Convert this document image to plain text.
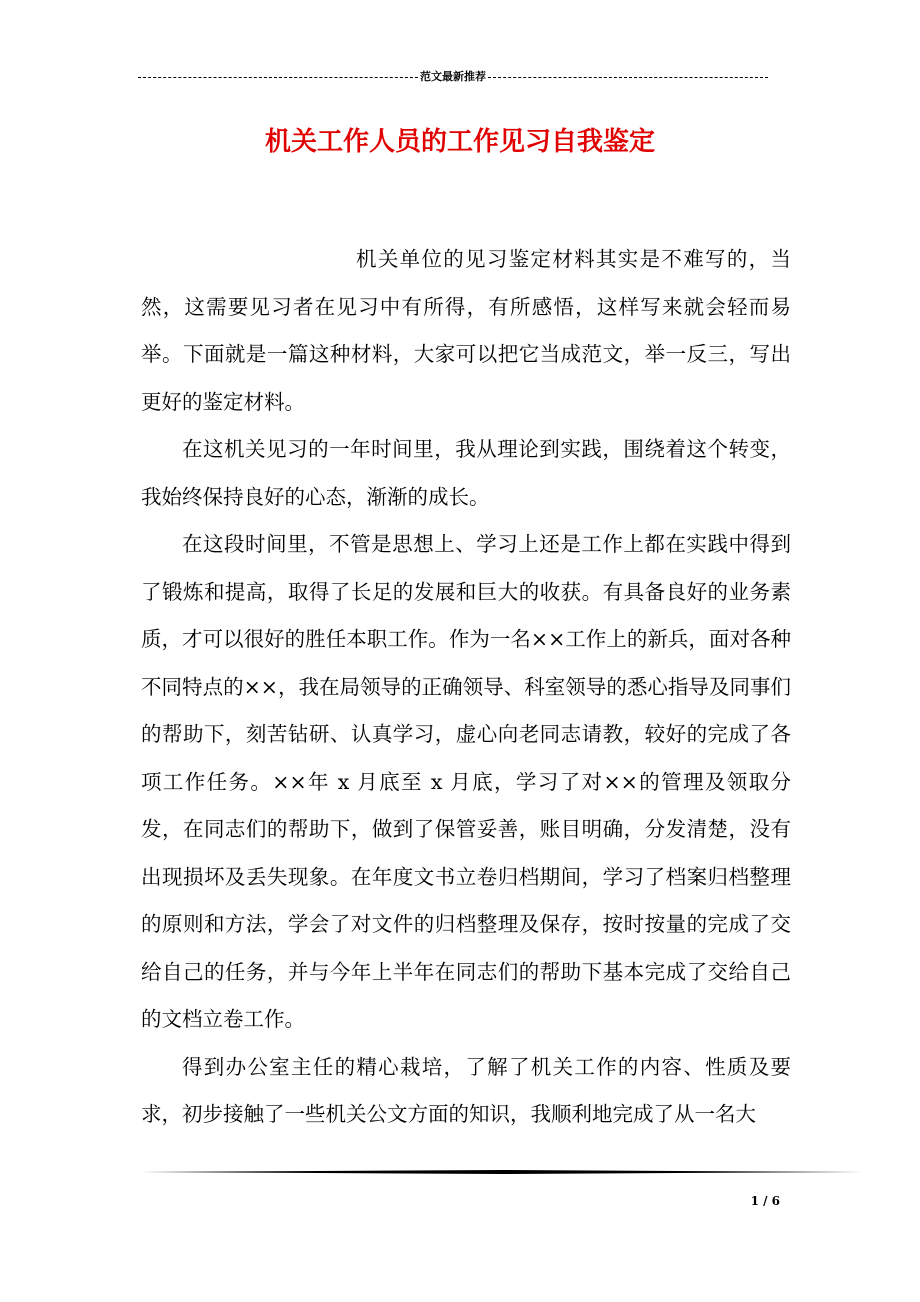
范文最新推荐
机关工作人员的工作见习自我鉴定

机关单位的见习鉴定材料其实是不难写的，当然，这需要见习者在见习中有所得，有所感悟，这样写来就会轻而易举。下面就是一篇这种材料，大家可以把它当成范文，举一反三，写出更好的鉴定材料。

在这机关见习的一年时间里，我从理论到实践，围绕着这个转变，我始终保持良好的心态，渐渐的成长。

在这段时间里，不管是思想上、学习上还是工作上都在实践中得到了锻炼和提高，取得了长足的发展和巨大的收获。有具备良好的业务素质，才可以很好的胜任本职工作。作为一名××工作上的新兵，面对各种不同特点的××，我在局领导的正确领导、科室领导的悉心指导及同事们的帮助下，刻苦钻研、认真学习，虚心向老同志请教，较好的完成了各项工作任务。××年 x 月底至 x 月底，学习了对××的管理及领取分发，在同志们的帮助下，做到了保管妥善，账目明确，分发清楚，没有出现损坏及丢失现象。在年度文书立卷归档期间，学习了档案归档整理的原则和方法，学会了对文件的归档整理及保存，按时按量的完成了交给自己的任务，并与今年上半年在同志们的帮助下基本完成了交给自己的文档立卷工作。

得到办公室主任的精心栽培，了解了机关工作的内容、性质及要求，初步接触了一些机关公文方面的知识，我顺利地完成了从一名大

1 / 6
